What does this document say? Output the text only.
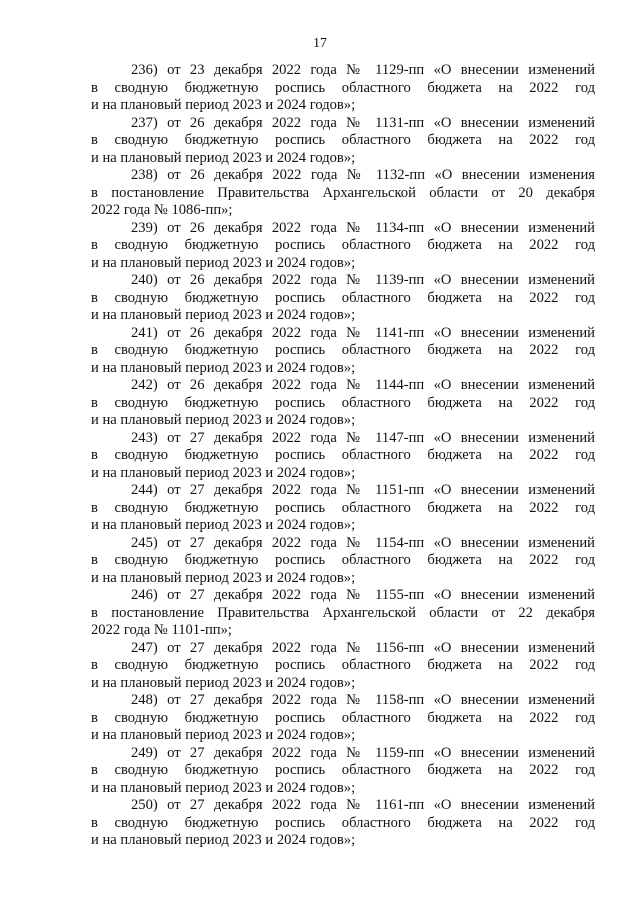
17
236) от 23 декабря 2022 года № 1129-пп «О внесении изменений
в сводную бюджетную роспись областного бюджета на 2022 год
и на плановый период 2023 и 2024 годов»;
237) от 26 декабря 2022 года № 1131-пп «О внесении изменений
в сводную бюджетную роспись областного бюджета на 2022 год
и на плановый период 2023 и 2024 годов»;
238) от 26 декабря 2022 года № 1132-пп «О внесении изменения
в постановление Правительства Архангельской области от 20 декабря
2022 года № 1086-пп»;
239) от 26 декабря 2022 года № 1134-пп «О внесении изменений
в сводную бюджетную роспись областного бюджета на 2022 год
и на плановый период 2023 и 2024 годов»;
240) от 26 декабря 2022 года № 1139-пп «О внесении изменений
в сводную бюджетную роспись областного бюджета на 2022 год
и на плановый период 2023 и 2024 годов»;
241) от 26 декабря 2022 года № 1141-пп «О внесении изменений
в сводную бюджетную роспись областного бюджета на 2022 год
и на плановый период 2023 и 2024 годов»;
242) от 26 декабря 2022 года № 1144-пп «О внесении изменений
в сводную бюджетную роспись областного бюджета на 2022 год
и на плановый период 2023 и 2024 годов»;
243) от 27 декабря 2022 года № 1147-пп «О внесении изменений
в сводную бюджетную роспись областного бюджета на 2022 год
и на плановый период 2023 и 2024 годов»;
244) от 27 декабря 2022 года № 1151-пп «О внесении изменений
в сводную бюджетную роспись областного бюджета на 2022 год
и на плановый период 2023 и 2024 годов»;
245) от 27 декабря 2022 года № 1154-пп «О внесении изменений
в сводную бюджетную роспись областного бюджета на 2022 год
и на плановый период 2023 и 2024 годов»;
246) от 27 декабря 2022 года № 1155-пп «О внесении изменений
в постановление Правительства Архангельской области от 22 декабря
2022 года № 1101-пп»;
247) от 27 декабря 2022 года № 1156-пп «О внесении изменений
в сводную бюджетную роспись областного бюджета на 2022 год
и на плановый период 2023 и 2024 годов»;
248) от 27 декабря 2022 года № 1158-пп «О внесении изменений
в сводную бюджетную роспись областного бюджета на 2022 год
и на плановый период 2023 и 2024 годов»;
249) от 27 декабря 2022 года № 1159-пп «О внесении изменений
в сводную бюджетную роспись областного бюджета на 2022 год
и на плановый период 2023 и 2024 годов»;
250) от 27 декабря 2022 года № 1161-пп «О внесении изменений
в сводную бюджетную роспись областного бюджета на 2022 год
и на плановый период 2023 и 2024 годов»;
